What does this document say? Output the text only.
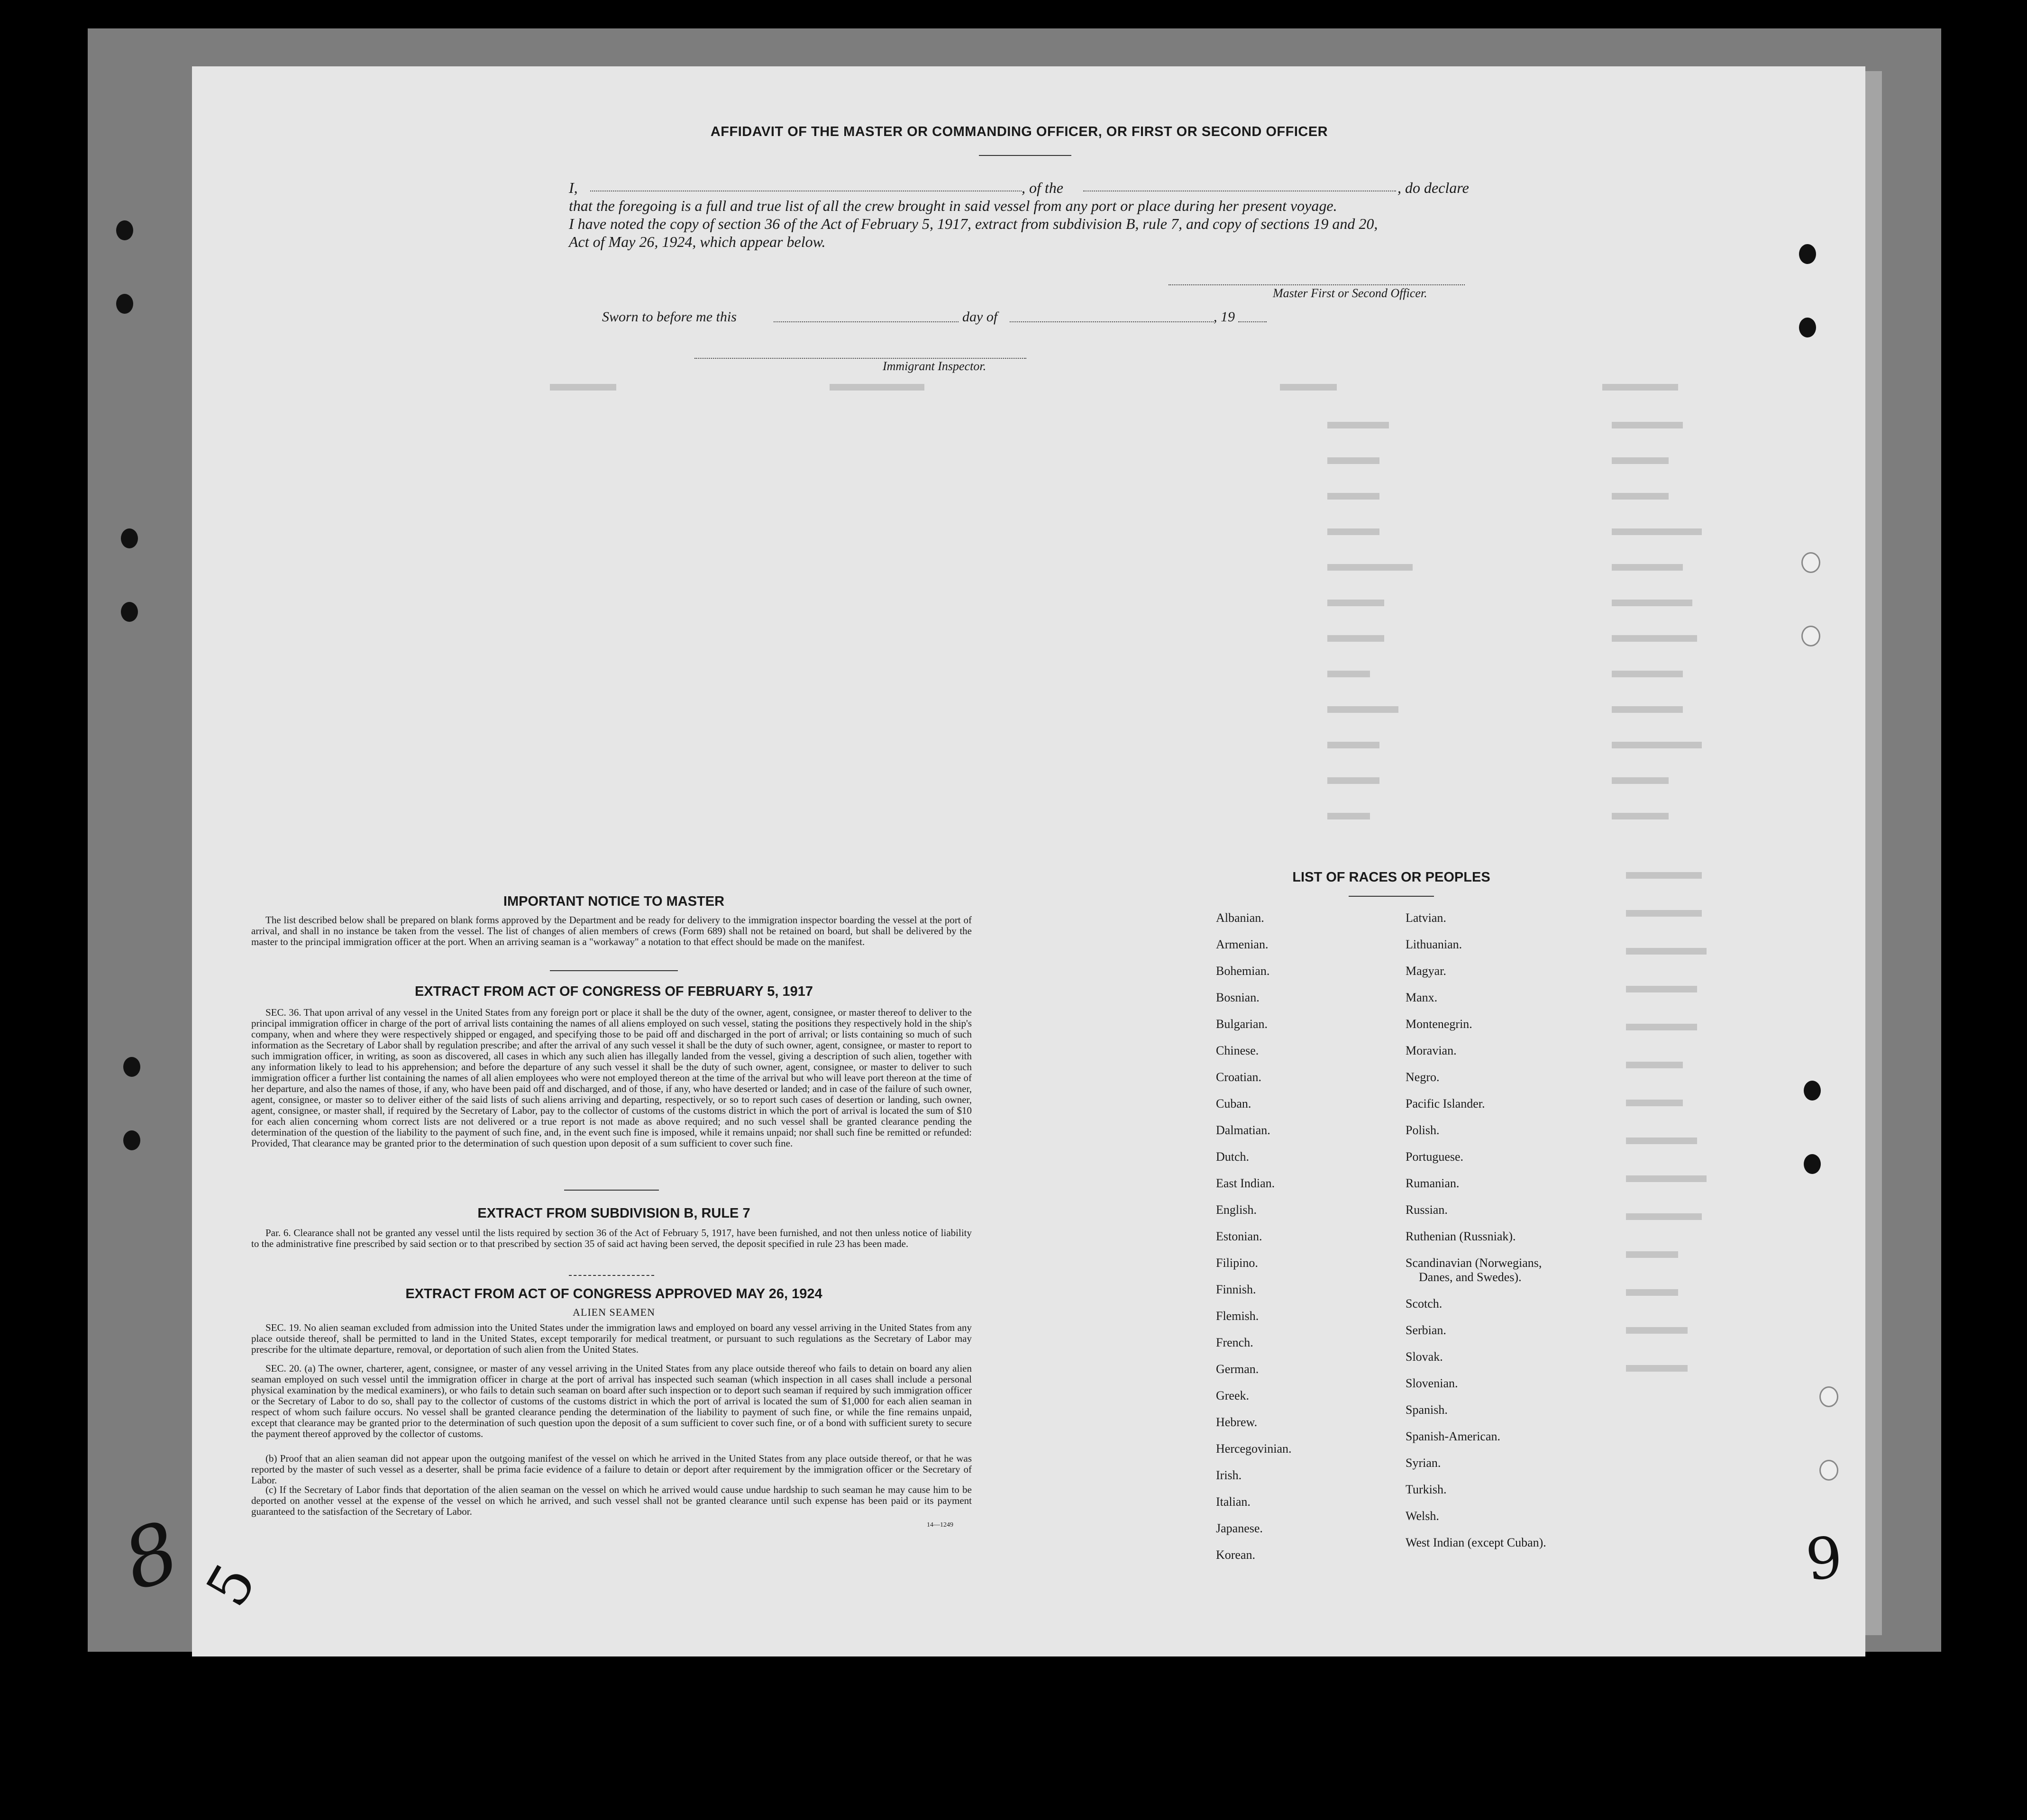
AFFIDAVIT OF THE MASTER OR COMMANDING OFFICER, OR FIRST OR SECOND OFFICER
I,	, of the	, do declare
that the foregoing is a full and true list of all the crew brought in said vessel from any port or place during her present voyage.
I have noted the copy of section 36 of the Act of February 5, 1917, extract from subdivision B, rule 7, and copy of sections 19 and 20,
Act of May 26, 1924, which appear below.
Master First or Second Officer.
Sworn to before me this	day of	, 19
Immigrant Inspector.
IMPORTANT NOTICE TO MASTER
The list described below shall be prepared on blank forms approved by the Department and be ready for delivery to the immigration inspector boarding the vessel at the port of arrival, and shall in no instance be taken from the vessel. The list of changes of alien members of crews (Form 689) shall not be retained on board, but shall be delivered by the master to the principal immigration officer at the port. When an arriving seaman is a "workaway" a notation to that effect should be made on the manifest.
EXTRACT FROM ACT OF CONGRESS OF FEBRUARY 5, 1917
SEC. 36. That upon arrival of any vessel in the United States from any foreign port or place it shall be the duty of the owner, agent, consignee, or master thereof to deliver to the principal immigration officer in charge of the port of arrival lists containing the names of all aliens employed on such vessel, stating the positions they respectively hold in the ship's company, when and where they were respectively shipped or engaged, and specifying those to be paid off and discharged in the port of arrival; or lists containing so much of such information as the Secretary of Labor shall by regulation prescribe; and after the arrival of any such vessel it shall be the duty of such owner, agent, consignee, or master to report to such immigration officer, in writing, as soon as discovered, all cases in which any such alien has illegally landed from the vessel, giving a description of such alien, together with any information likely to lead to his apprehension; and before the departure of any such vessel it shall be the duty of such owner, agent, consignee, or master to deliver to such immigration officer a further list containing the names of all alien employees who were not employed thereon at the time of the arrival but who will leave port thereon at the time of her departure, and also the names of those, if any, who have been paid off and discharged, and of those, if any, who have deserted or landed; and in case of the failure of such owner, agent, consignee, or master so to deliver either of the said lists of such aliens arriving and departing, respectively, or so to report such cases of desertion or landing, such owner, agent, consignee, or master shall, if required by the Secretary of Labor, pay to the collector of customs of the customs district in which the port of arrival is located the sum of $10 for each alien concerning whom correct lists are not delivered or a true report is not made as above required; and no such vessel shall be granted clearance pending the determination of the question of the liability to the payment of such fine, and, in the event such fine is imposed, while it remains unpaid; nor shall such fine be remitted or refunded: Provided, That clearance may be granted prior to the determination of such question upon deposit of a sum sufficient to cover such fine.
EXTRACT FROM SUBDIVISION B, RULE 7
Par. 6. Clearance shall not be granted any vessel until the lists required by section 36 of the Act of February 5, 1917, have been furnished, and not then unless notice of liability to the administrative fine prescribed by said section or to that prescribed by section 35 of said act having been served, the deposit specified in rule 23 has been made.
EXTRACT FROM ACT OF CONGRESS APPROVED MAY 26, 1924
ALIEN SEAMEN
SEC. 19. No alien seaman excluded from admission into the United States under the immigration laws and employed on board any vessel arriving in the United States from any place outside thereof, shall be permitted to land in the United States, except temporarily for medical treatment, or pursuant to such regulations as the Secretary of Labor may prescribe for the ultimate departure, removal, or deportation of such alien from the United States.
SEC. 20. (a) The owner, charterer, agent, consignee, or master of any vessel arriving in the United States from any place outside thereof who fails to detain on board any alien seaman employed on such vessel until the immigration officer in charge at the port of arrival has inspected such seaman (which inspection in all cases shall include a personal physical examination by the medical examiners), or who fails to detain such seaman on board after such inspection or to deport such seaman if required by such immigration officer or the Secretary of Labor to do so, shall pay to the collector of customs of the customs district in which the port of arrival is located the sum of $1,000 for each alien seaman in respect of whom such failure occurs. No vessel shall be granted clearance pending the determination of the liability to payment of such fine, or while the fine remains unpaid, except that clearance may be granted prior to the determination of such question upon the deposit of a sum sufficient to cover such fine, or of a bond with sufficient surety to secure the payment thereof approved by the collector of customs.
(b) Proof that an alien seaman did not appear upon the outgoing manifest of the vessel on which he arrived in the United States from any place outside thereof, or that he was reported by the master of such vessel as a deserter, shall be prima facie evidence of a failure to detain or deport after requirement by the immigration officer or the Secretary of Labor.
(c) If the Secretary of Labor finds that deportation of the alien seaman on the vessel on which he arrived would cause undue hardship to such seaman he may cause him to be deported on another vessel at the expense of the vessel on which he arrived, and such vessel shall not be granted clearance until such expense has been paid or its payment guaranteed to the satisfaction of the Secretary of Labor.
14—1249
LIST OF RACES OR PEOPLES
Albanian.
Armenian.
Bohemian.
Bosnian.
Bulgarian.
Chinese.
Croatian.
Cuban.
Dalmatian.
Dutch.
East Indian.
English.
Estonian.
Filipino.
Finnish.
Flemish.
French.
German.
Greek.
Hebrew.
Hercegovinian.
Irish.
Italian.
Japanese.
Korean.
Latvian.
Lithuanian.
Magyar.
Manx.
Montenegrin.
Moravian.
Negro.
Pacific Islander.
Polish.
Portuguese.
Rumanian.
Russian.
Ruthenian (Russniak).
Scandinavian (Norwegians,
Danes, and Swedes).
Scotch.
Serbian.
Slovak.
Slovenian.
Spanish.
Spanish-American.
Syrian.
Turkish.
Welsh.
West Indian (except Cuban).
8 5	9
